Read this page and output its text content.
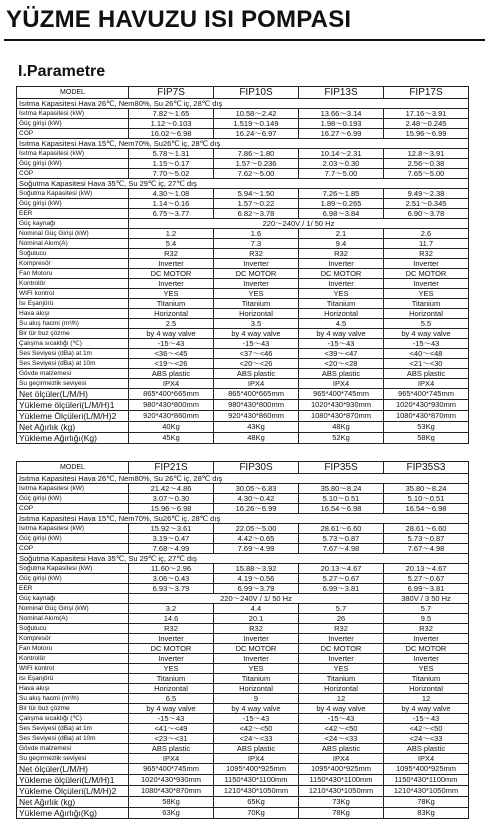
YÜZME HAVUZU ISI POMPASI
I.Parametre
MODEL	FIP7S	FIP10S	FIP13S	FIP17S
Isıtma Kapasitesi Hava 26℃, Nem80%, Su 26℃ iç, 28℃ dış				
Isıtma Kapasitesi (kW)	7.82～1.65	10.58～2.42	13.66～3.14	17.16～3.91
Güç girişi (kW)	1.12～0.103	1.519～0.149	1.98～0.193	2.48～0.245
COP	16.02～6.98	16.24～6.97	16.27～6.99	15.96～6.99
Isıtma Kapasitesi Hava 15℃, Nem70%, Su26℃ iç, 28℃ dış				
Isıtma Kapasitesi (kW)	5.78～1.31	7.86～1.80	10.14～2.31	12.8～3.91
Güç girişi (kW)	1.15～0.17	1.57～0.236	2.03～0.30	2.56～0.38
COP	7.70～5.02	7.62～5.00	7.7～5.00	7.65～5.00
Soğutma Kapasitesi Hava 35℃, Su 29℃ iç, 27℃ dış				
Soğutma Kapasitesi (kW)	4.30～1.08	5.94～1.50	7.26～1.85	9.49～2.38
Güç girişi (kW)	1.14～0.16	1.57～0.22	1.89～0.265	2.51～0.345
EER	6.75～3.77	6.82～3.78	6.98～3.84	6.90～3.78
Güç kaynağı	220～240V / 1/ 50 Hz			
Nominal Güç Girişi (kW)	1.2	1.6	2.1	2.6
Nominal Akım(A)	5.4	7.3	9.4	11.7
Soğutucu	R32	R32	R32	R32
Kompresör	Inverter	Inverter	Inverter	Inverter
Fan Motoru	DC MOTOR	DC MOTOR	DC MOTOR	DC MOTOR
Kontrolör	Inverter	Inverter	Inverter	Inverter
WIFI kontrol	YES	YES	YES	YES
Isı Eşanjörü	Titanium	Titanium	Titanium	Titanium
Hava akışı	Horizontal	Horizontal	Horizontal	Horizontal
Su akış hacmi (m³/h)	2.5	3.5	4.5	5.5
Bir tür buz çözme	by 4 way valve	by 4 way valve	by 4 way valve	by 4 way valve
Çalışma sıcaklığı (℃)	-15～43	-15～43	-15～43	-15～43
Ses Seviyesi (dBa) at 1m	<36～<45	<37～<46	<39～<47	<40～<48
Ses Seviyesi (dBa) at 10m	<19～<26	<20～<26	<20～<28	<21～<30
Gövde malzemesi	ABS plastic	ABS plastic	ABS plastic	ABS plastic
Su geçirmezlik seviyesi	IPX4	IPX4	IPX4	IPX4
Net ölçüler(L/M/H)	865*400*665mm	865*400*665mm	965*400*745mm	965*400*745mm
Yükleme ölçüleri(L/M/H)1	980*430*800mm	980*430*800mm	1020*430*930mm	1020*430*930mm
Yükleme Ölçüleri(L/M/H)2	920*430*860mm	920*430*860mm	1080*430*870mm	1080*430*870mm
Net Ağırlık (kg)	40Kg	43Kg	48Kg	53Kg
Yükleme Ağırlığı(Kg)	45Kg	48Kg	52Kg	58Kg
MODEL	FIP21S	FIP30S	FIP35S	FIP35S3
Isıtma Kapasitesi Hava 26℃, Nem80%, Su 26℃ iç, 28℃ dış				
Isıtma Kapasitesi (kW)	21.42～4.86	30.05～6.83	35.80～8.24	35.80～8.24
Güç girişi (kW)	3.07～0.30	4.30～0.42	5.10～0.51	5.10～0.51
COP	15.96～6.98	16.26～6.99	16.54～6.98	16.54～6.98
Isıtma Kapasitesi Hava 15℃, Nem70%, Su26℃ iç, 28℃ dış				
Isıtma Kapasitesi (kW)	15.92～3.61	22.05～5.00	28.61～6.60	28.61～6.60
Güç girişi (kW)	3.19～0.47	4.42～0.65	5.73～0.87	5.73～0.87
COP	7.68～4.99	7.69～4.99	7.67～4.98	7.67～4.98
Soğutma Kapasitesi Hava 35℃, Su 29℃ iç, 27℃ dış				
Soğutma Kapasitesi (kW)	11.60～2.96	15.88～3.92	20.13～4.67	20.13～4.67
Güç girişi (kW)	3.06～0.43	4.19～0.56	5.27～0.67	5.27～0.67
EER	6.93～3.79	6.99～3.79	6.99～3.81	6.99～3.81
Güç kaynağı	220～240V / 1/ 50 Hz			380V / 3 50 Hz
Nominal Güç Girişi (kW)	3.2	4.4	5.7	5.7
Nominal Akım(A)	14.6	20.1	26	9.5
Soğutucu	R32	R32	R32	R32
Kompresör	Inverter	Inverter	Inverter	Inverter
Fan Motoru	DC MOTOR	DC MOTOR	DC MOTOR	DC MOTOR
Kontrolör	Inverter	Inverter	Inverter	Inverter
WIFI kontrol	YES	YES	YES	YES
Isı Eşanjörü	Titanium	Titanium	Titanium	Titanium
Hava akışı	Horizontal	Horizontal	Horizontal	Horizontal
Su akış hacmi (m³/h)	6.5	9	12	12
Bir tür buz çözme	by 4 way valve	by 4 way valve	by 4 way valve	by 4 way valve
Çalışma sıcaklığı (℃)	-15～43	-15～43	-15～43	-15～43
Ses Seviyesi (dBa) at 1m	<41～<49	<42～<50	<42～<50	<42～<50
Ses Seviyesi (dBa) at 10m	<23～<31	<24～<33	<24～<33	<24～<33
Gövde malzemesi	ABS plastic	ABS plastic	ABS plastic	ABS plastic
Su geçirmezlik seviyesi	IPX4	IPX4	IPX4	IPX4
Net ölçüler(L/M/H)	965*400*745mm	1095*400*925mm	1095*400*925mm	1095*400*925mm
Yükleme ölçüleri(L/M/H)1	1020*430*930mm	1150*430*1100mm	1150*430*1100mm	1150*430*1100mm
Yükleme Ölçüleri(L/M/H)2	1080*430*870mm	1210*430*1050mm	1210*430*1050mm	1210*430*1050mm
Net Ağırlık (kg)	58Kg	65Kg	73Kg	78Kg
Yükleme Ağırlığı(Kg)	63Kg	70Kg	78Kg	83Kg
